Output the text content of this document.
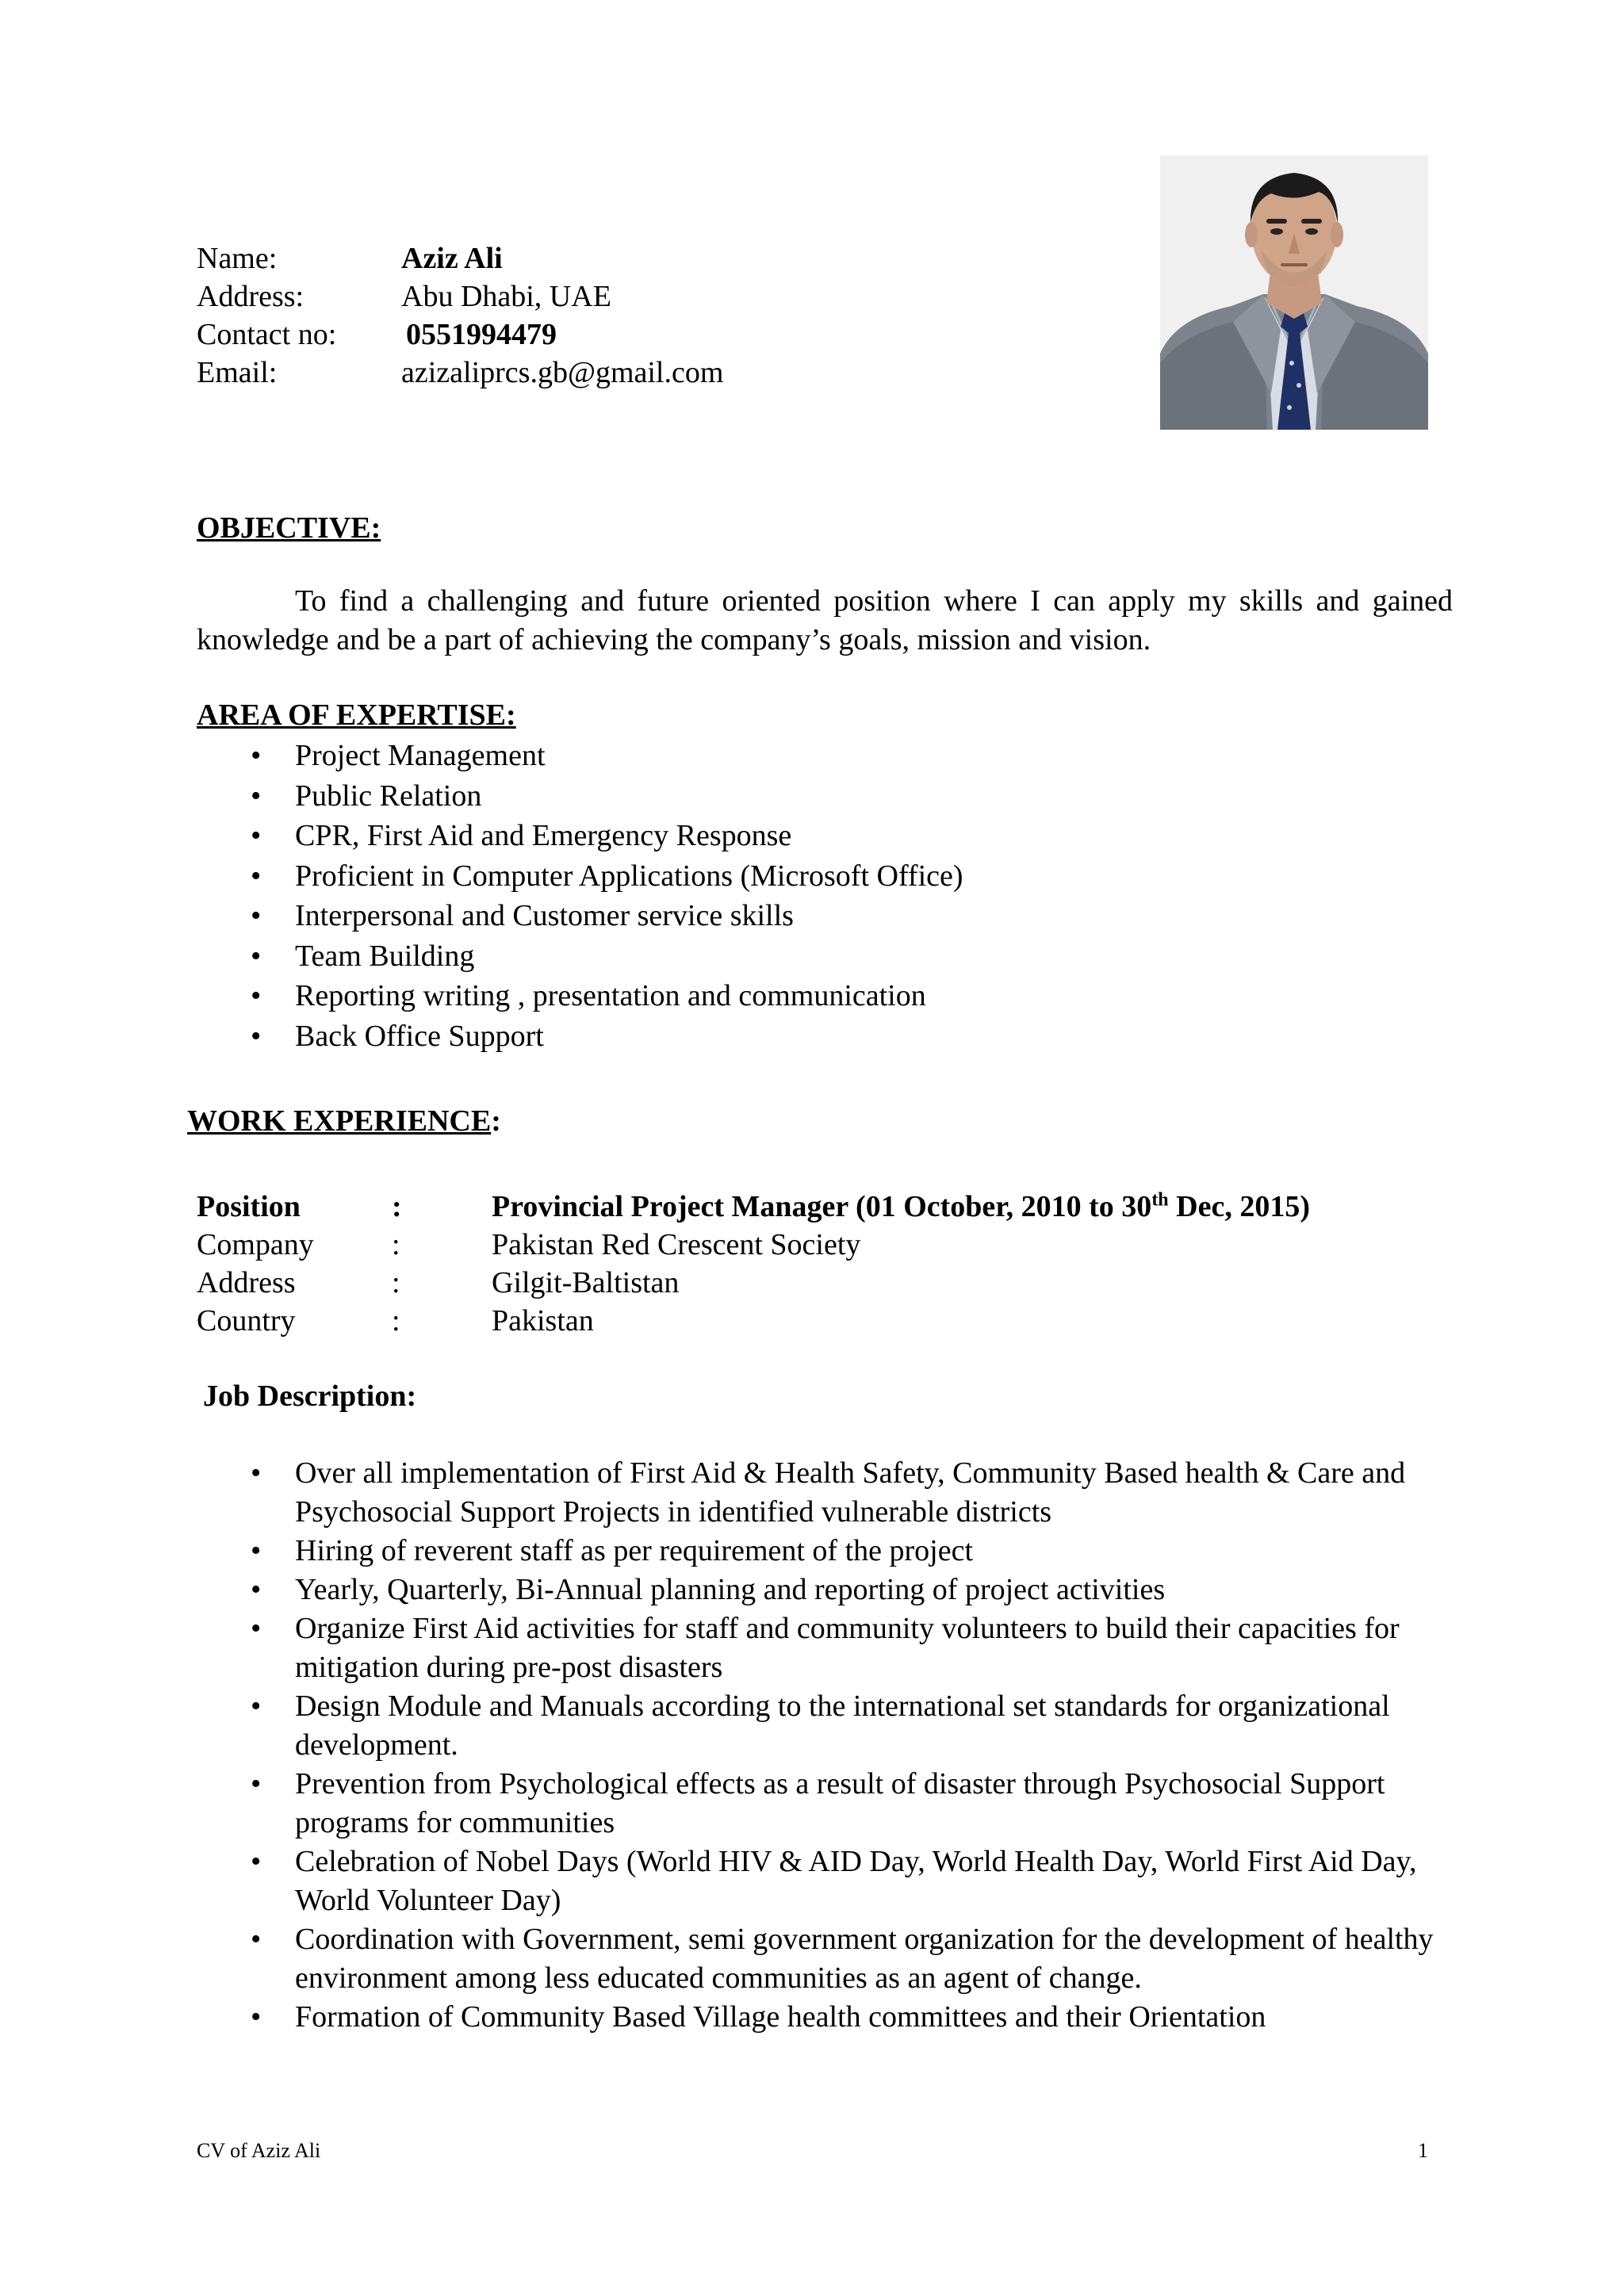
Name:	Aziz Ali
Address:	Abu Dhabi, UAE
Contact no:	0551994479
Email:	azizaliprcs.gb@gmail.com
OBJECTIVE:

To find a challenging and future oriented position where I can apply my skills and gained knowledge and be a part of achieving the company’s goals, mission and vision.

AREA OF EXPERTISE:
• Project Management
• Public Relation
• CPR, First Aid and Emergency Response
• Proficient in Computer Applications (Microsoft Office)
• Interpersonal and Customer service skills
• Team Building
• Reporting writing , presentation and communication
• Back Office Support
WORK EXPERIENCE:
Position	:	Provincial Project Manager (01 October, 2010 to 30th Dec, 2015)
Company	:	Pakistan Red Crescent Society
Address	:	Gilgit-Baltistan
Country	:	Pakistan
Job Description:
• Over all implementation of First Aid & Health Safety, Community Based health & Care and Psychosocial Support Projects in identified vulnerable districts
• Hiring of reverent staff as per requirement of the project
• Yearly, Quarterly, Bi-Annual planning and reporting of project activities
• Organize First Aid activities for staff and community volunteers to build their capacities for mitigation during pre-post disasters
• Design Module and Manuals according to the international set standards for organizational development.
• Prevention from Psychological effects as a result of disaster through Psychosocial Support programs for communities
• Celebration of Nobel Days (World HIV & AID Day, World Health Day, World First Aid Day, World Volunteer Day)
• Coordination with Government, semi government organization for the development of healthy environment among less educated communities as an agent of change.
• Formation of Community Based Village health committees and their Orientation
CV of Aziz Ali	1
